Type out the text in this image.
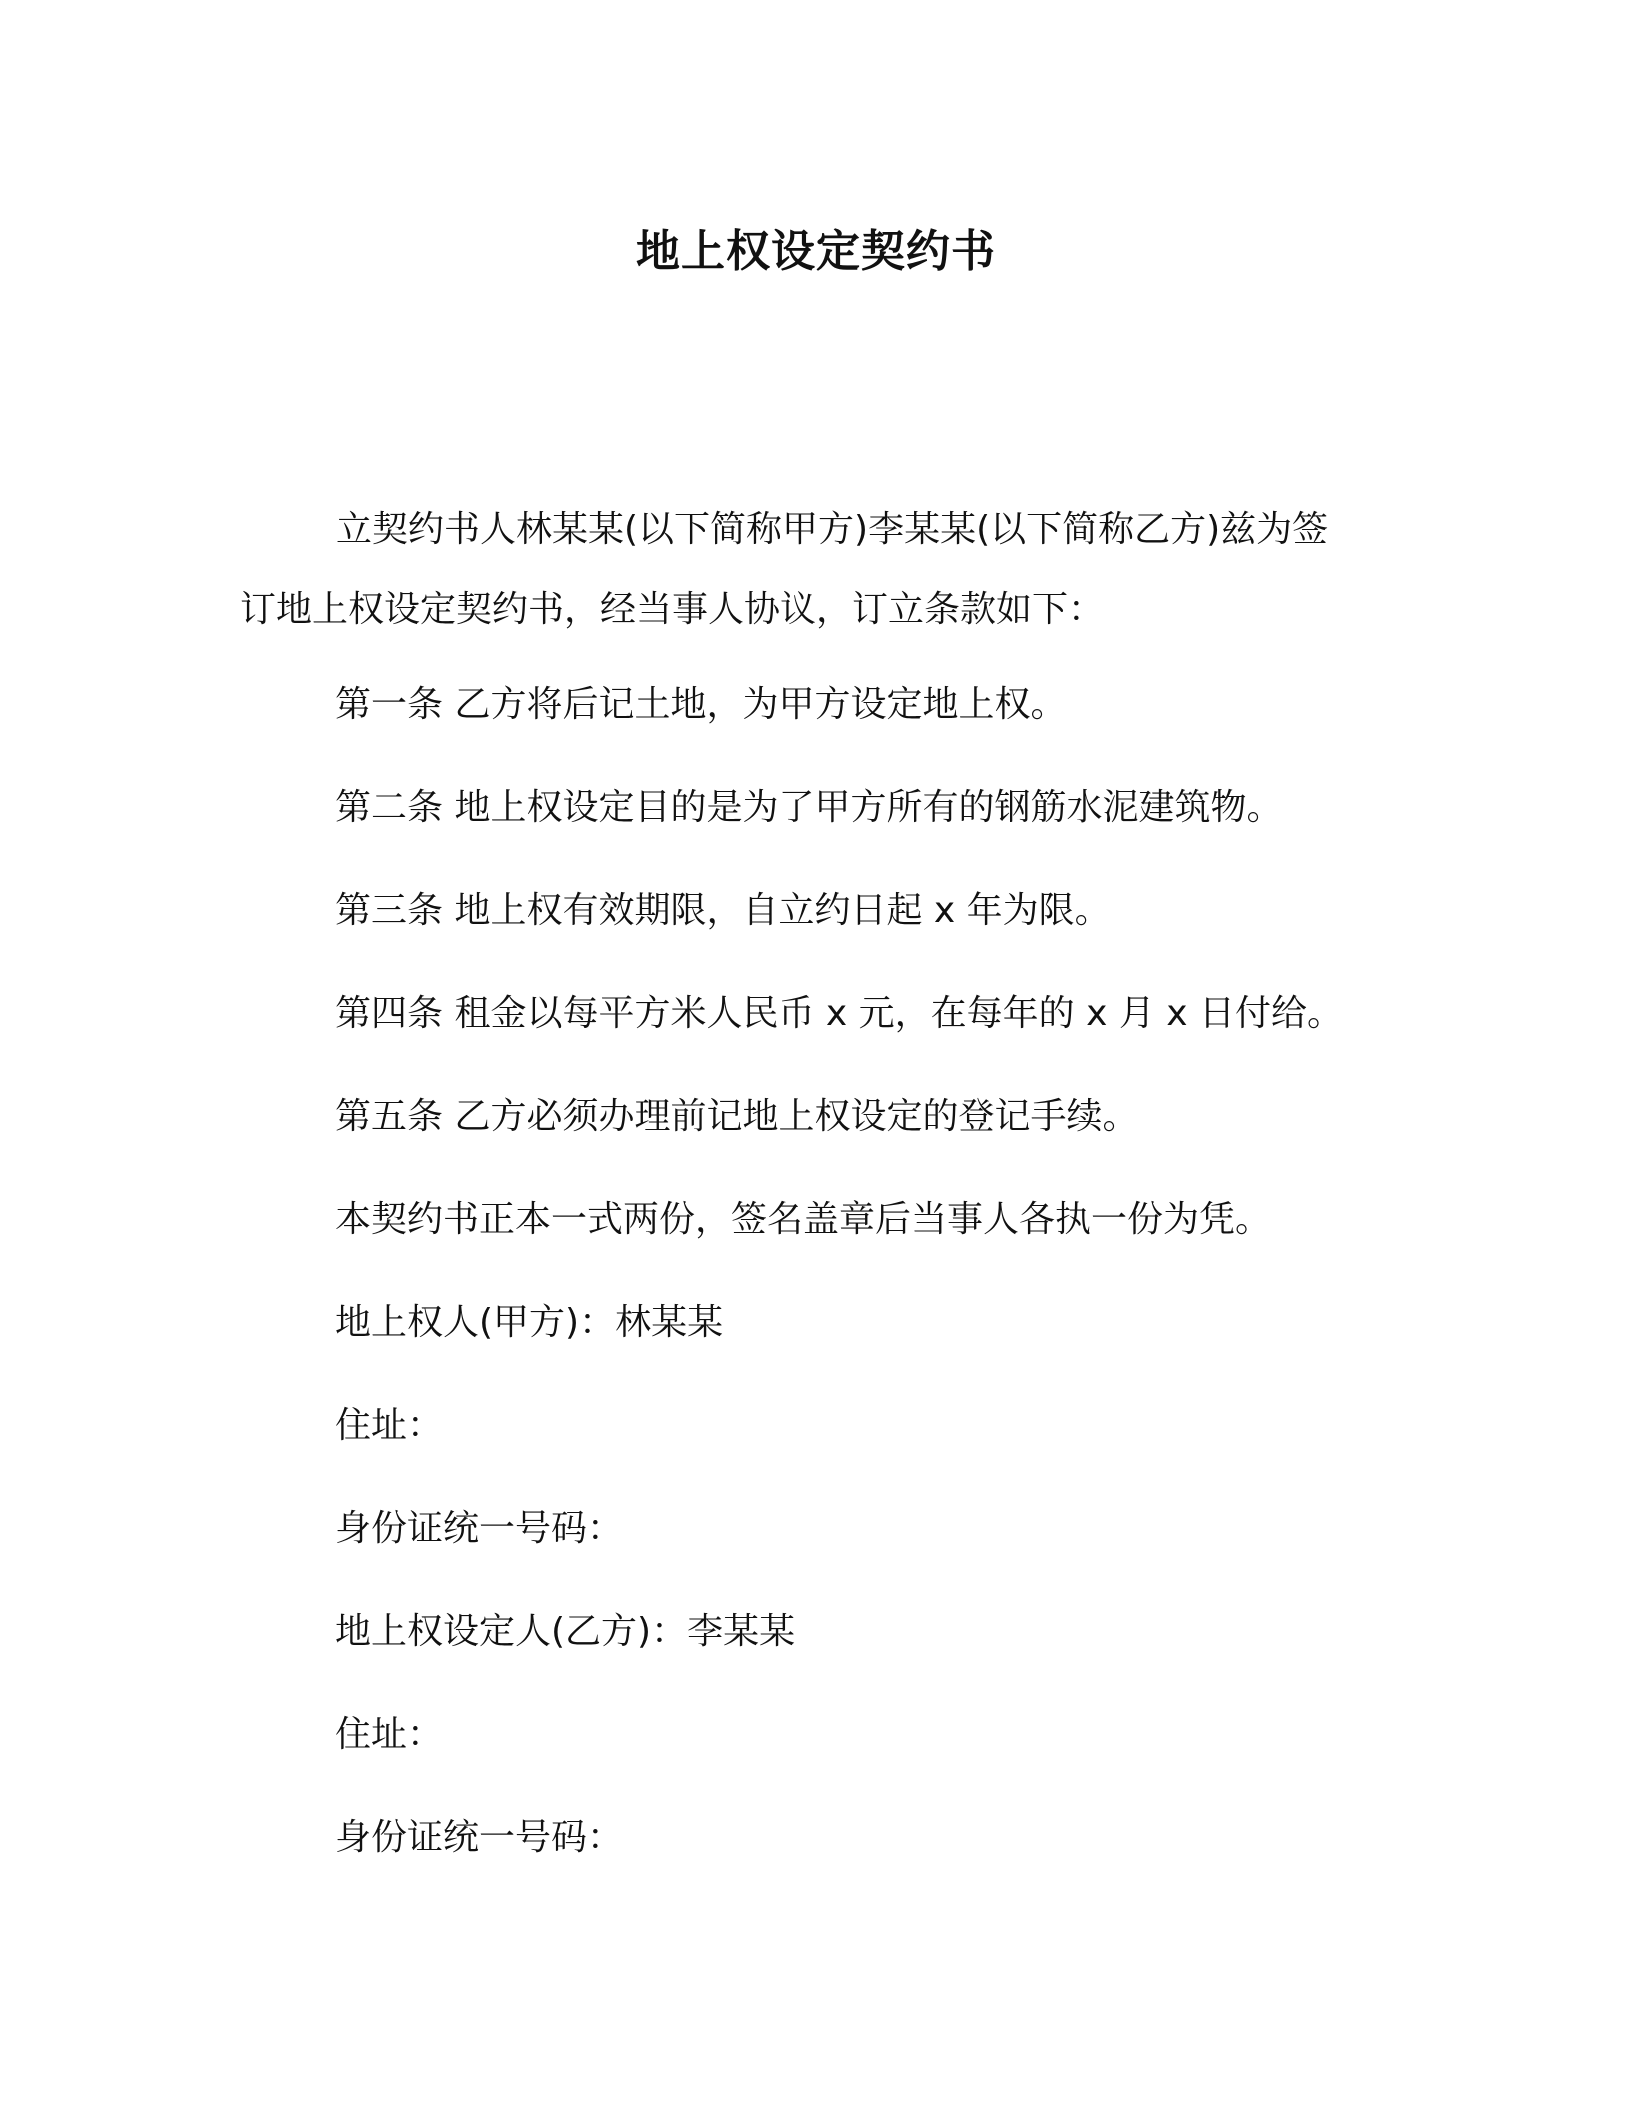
地上权设定契约书

立契约书人林某某(以下简称甲方)李某某(以下简称乙方)兹为签订地上权设定契约书，经当事人协议，订立条款如下：

第一条 乙方将后记土地，为甲方设定地上权。

第二条 地上权设定目的是为了甲方所有的钢筋水泥建筑物。

第三条 地上权有效期限，自立约日起 x 年为限。

第四条 租金以每平方米人民币 x 元，在每年的 x 月 x 日付给。

第五条 乙方必须办理前记地上权设定的登记手续。

本契约书正本一式两份，签名盖章后当事人各执一份为凭。

地上权人(甲方)：林某某

住址：

身份证统一号码：

地上权设定人(乙方)：李某某

住址：

身份证统一号码：
